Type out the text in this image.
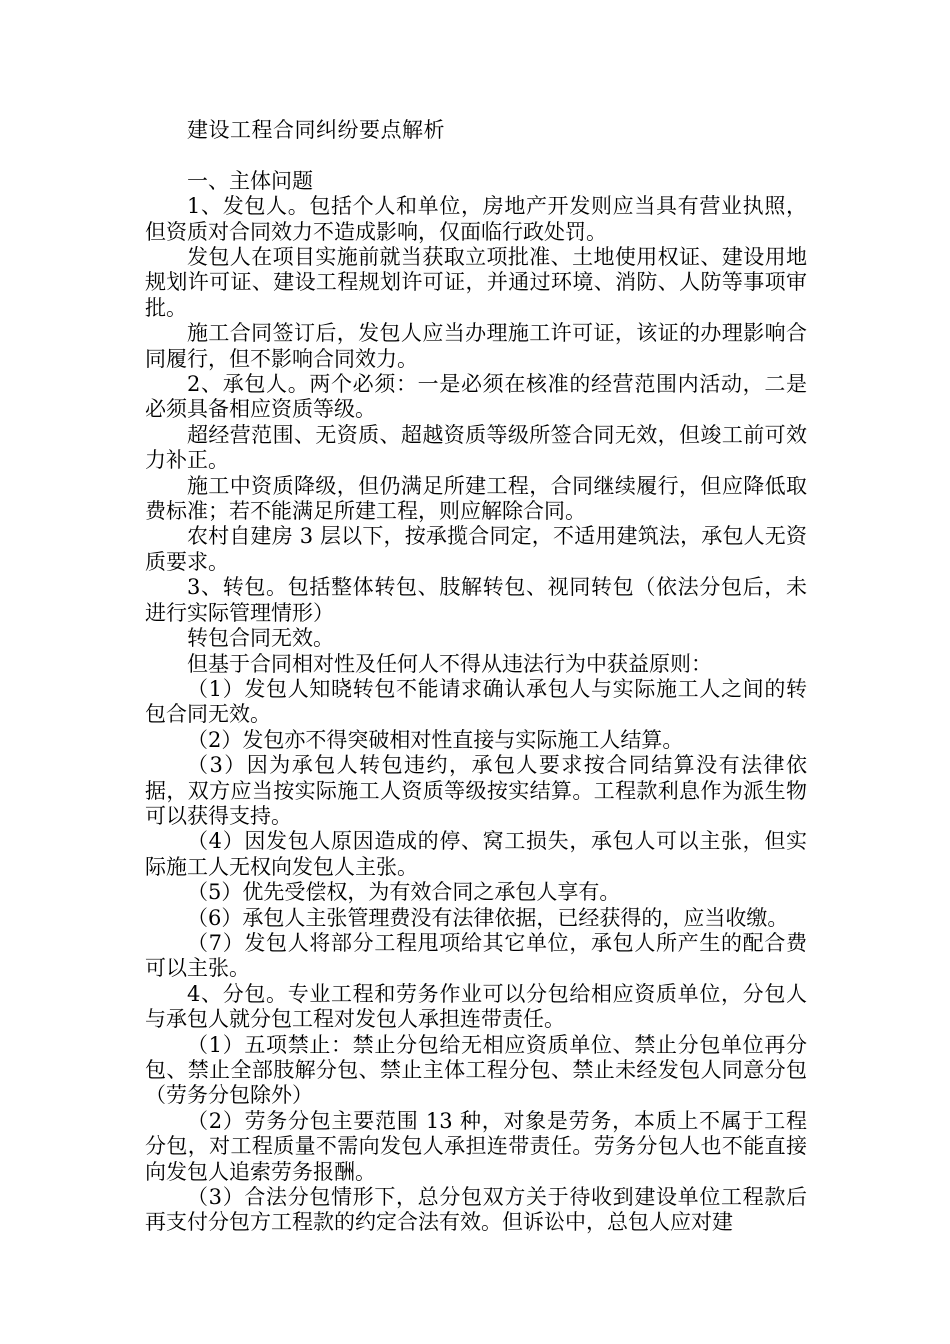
建设工程合同纠纷要点解析

一、主体问题

1、发包人。包括个人和单位，房地产开发则应当具有营业执照，但资质对合同效力不造成影响，仅面临行政处罚。

发包人在项目实施前就当获取立项批准、土地使用权证、建设用地规划许可证、建设工程规划许可证，并通过环境、消防、人防等事项审批。

施工合同签订后，发包人应当办理施工许可证，该证的办理影响合同履行，但不影响合同效力。

2、承包人。两个必须：一是必须在核准的经营范围内活动，二是必须具备相应资质等级。

超经营范围、无资质、超越资质等级所签合同无效，但竣工前可效力补正。

施工中资质降级，但仍满足所建工程，合同继续履行，但应降低取费标准；若不能满足所建工程，则应解除合同。

农村自建房 3 层以下，按承揽合同定，不适用建筑法，承包人无资质要求。

3、转包。包括整体转包、肢解转包、视同转包（依法分包后，未进行实际管理情形）

转包合同无效。

但基于合同相对性及任何人不得从违法行为中获益原则：

（1）发包人知晓转包不能请求确认承包人与实际施工人之间的转包合同无效。

（2）发包亦不得突破相对性直接与实际施工人结算。

（3）因为承包人转包违约，承包人要求按合同结算没有法律依据，双方应当按实际施工人资质等级按实结算。工程款利息作为派生物可以获得支持。

（4）因发包人原因造成的停、窝工损失，承包人可以主张，但实际施工人无权向发包人主张。

（5）优先受偿权，为有效合同之承包人享有。

（6）承包人主张管理费没有法律依据，已经获得的，应当收缴。

（7）发包人将部分工程甩项给其它单位，承包人所产生的配合费可以主张。

4、分包。专业工程和劳务作业可以分包给相应资质单位，分包人与承包人就分包工程对发包人承担连带责任。

（1）五项禁止：禁止分包给无相应资质单位、禁止分包单位再分包、禁止全部肢解分包、禁止主体工程分包、禁止未经发包人同意分包（劳务分包除外）

（2）劳务分包主要范围 13 种，对象是劳务，本质上不属于工程分包，对工程质量不需向发包人承担连带责任。劳务分包人也不能直接向发包人追索劳务报酬。

（3）合法分包情形下，总分包双方关于待收到建设单位工程款后再支付分包方工程款的约定合法有效。但诉讼中，总包人应对建
